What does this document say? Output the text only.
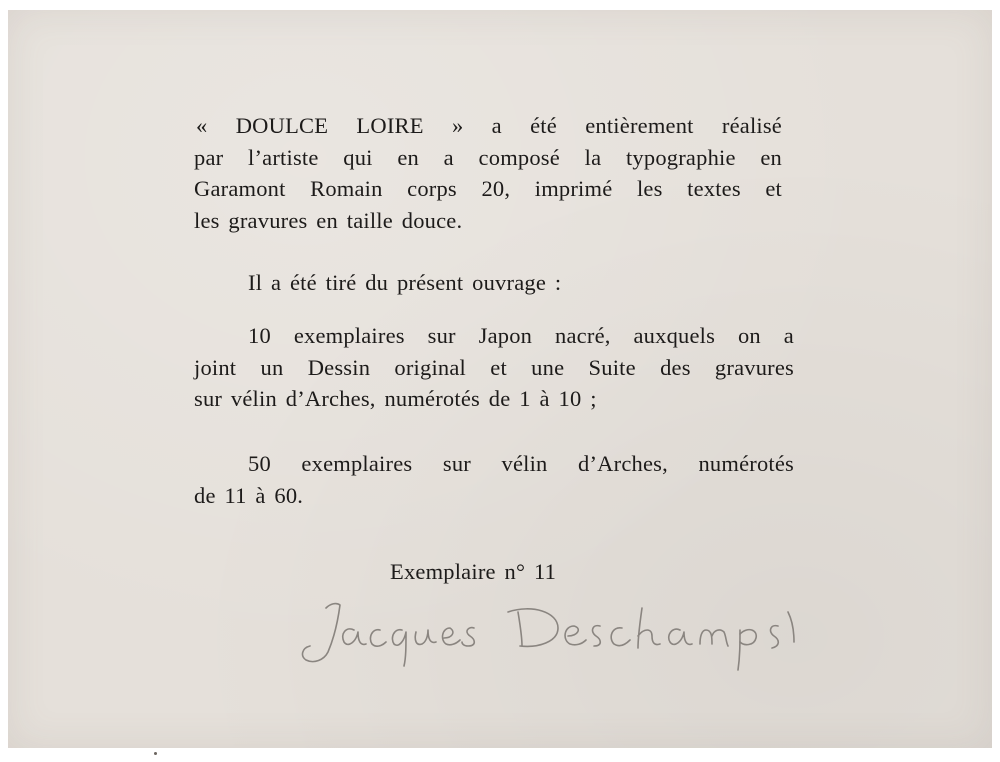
« DOULCE LOIRE » a été entièrement réalisé
par l’artiste qui en a composé la typographie en
Garamont Romain corps 20, imprimé les textes et
les gravures en taille douce.
Il a été tiré du présent ouvrage :
10 exemplaires sur Japon nacré, auxquels on a
joint un Dessin original et une Suite des gravures
sur vélin d’Arches, numérotés de 1 à 10 ;
50 exemplaires sur vélin d’Arches, numérotés
de 11 à 60.
Exemplaire n° 11
